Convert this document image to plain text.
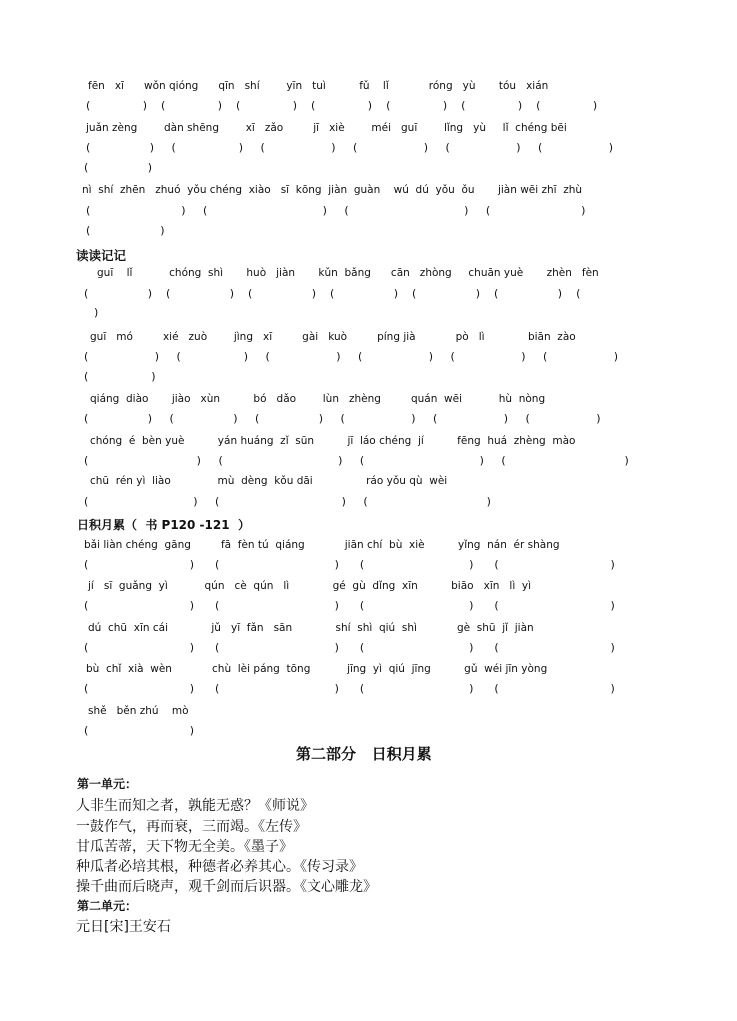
fēn   xī      wǒn qióng      qīn   shí        yīn   tuì          fǔ    lǐ            róng   yù       tóu   xián
(               )    (               )    (               )    (               )    (               )    (               )    (               )
juǎn zèng        dàn shēng        xī   zǎo         jī   xiè        méi   guī        lǐng   yù     lǐ  chéng bēi
(                 )     (                  )     (                   )     (                   )     (                   )     (                   )
(                 )
nì  shí  zhēn   zhuó  yǒu chéng  xiào   sī  kōng  jiàn  guàn    wú  dú  yǒu  ǒu       jiàn wēi zhī  zhù
(                          )     (                                 )     (                                 )     (                          )
(                    )
读读记记
guī    lǐ           chóng  shì       huò   jiàn       kǔn  bǎng      cān   zhòng     chuān yuè       zhèn   fèn
(                 )    (                 )    (                 )    (                 )    (                 )    (                 )    (
)
guī   mó         xié   zuò        jìng   xī         gài   kuò         píng jià            pò   lì             biān  zào
(                   )     (                  )     (                   )     (                   )     (                   )     (                   )
(                  )
qiáng  diào       jiào   xùn          bó   dǎo        lùn   zhèng         quán  wēi           hù  nòng
(                 )     (                 )     (                 )     (                   )     (                   )     (                   )
chóng  é  bèn yuè          yán huáng  zǐ  sūn          jī  láo chéng  jí          fēng  huá  zhèng  mào
(                               )     (                                 )     (                                 )     (                                  )
chū  rén yì  liào              mù  dèng  kǒu dāi                ráo yǒu qù  wèi
(                              )     (                                   )     (                                  )
日积月累（  书 P120 -121  ）
bǎi liàn chéng  gāng         fā  fèn tú  qiáng            jiān chí  bù  xiè          yǐng  nán  ér shàng
(                             )      (                                 )      (                              )      (                                )
jí   sī  guǎng  yì           qún   cè  qún   lì             gé  gù  dǐng  xīn          biāo   xīn   lì  yì
(                             )      (                                 )      (                              )      (                                )
dú  chū  xīn cái             jǔ   yī  fǎn   sān             shí  shì  qiú  shì            gè  shū  jǐ  jiàn
(                             )      (                                 )      (                              )      (                                )
bù  chǐ  xià  wèn            chù  lèi páng  tōng           jīng  yì  qiú  jīng          gǔ  wéi jīn yòng
(                             )      (                                 )      (                              )      (                                )
shě   běn zhú    mò
(                             )
第二部分   日积月累
第一单元：
人非生而知之者，孰能无惑？《师说》
一鼓作气，再而衰，三而竭。《左传》
甘瓜苦蒂，天下物无全美。《墨子》
种瓜者必培其根，种德者必养其心。《传习录》
操千曲而后晓声，观千剑而后识器。《文心雕龙》
第二单元：
元日[宋]王安石
